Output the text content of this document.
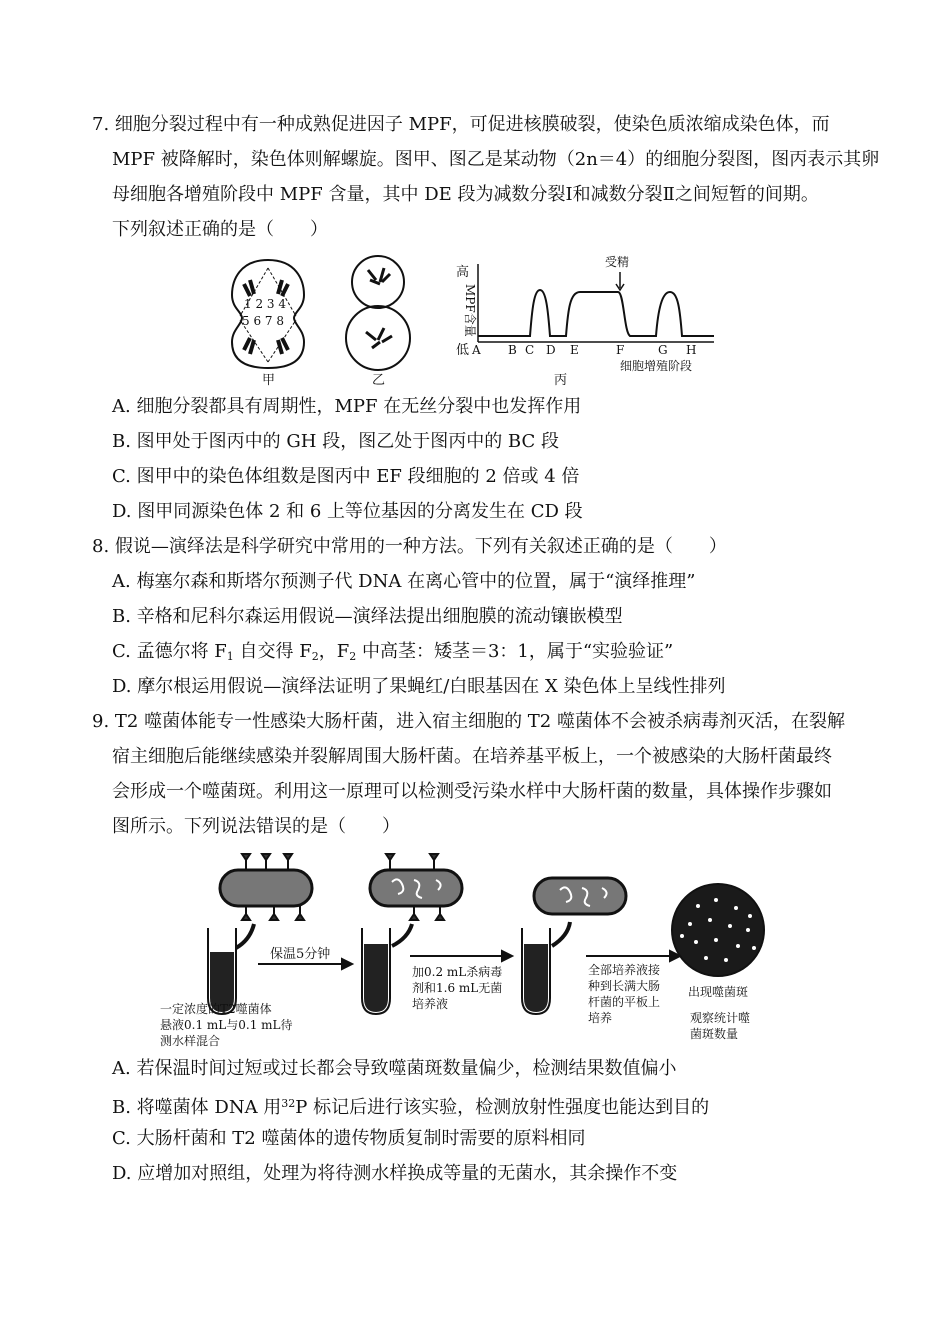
7. 细胞分裂过程中有一种成熟促进因子 MPF，可促进核膜破裂，使染色质浓缩成染色体，而
MPF 被降解时，染色体则解螺旋。图甲、图乙是某动物（2n＝4）的细胞分裂图，图丙表示其卵
母细胞各增殖阶段中 MPF 含量，其中 DE 段为减数分裂Ⅰ和减数分裂Ⅱ之间短暂的间期。
下列叙述正确的是（　　）
1 2 3 4
5 6 7 8
甲	乙
高
低
MPF含量
受精
A B C D E	F	G H
细胞增殖阶段
丙
A. 细胞分裂都具有周期性，MPF 在无丝分裂中也发挥作用
B. 图甲处于图丙中的 GH 段，图乙处于图丙中的 BC 段
C. 图甲中的染色体组数是图丙中 EF 段细胞的 2 倍或 4 倍
D. 图甲同源染色体 2 和 6 上等位基因的分离发生在 CD 段
8. 假说—演绎法是科学研究中常用的一种方法。下列有关叙述正确的是（　　）
A. 梅塞尔森和斯塔尔预测子代 DNA 在离心管中的位置，属于“演绎推理”
B. 辛格和尼科尔森运用假说—演绎法提出细胞膜的流动镶嵌模型
C. 孟德尔将 $F_1$ 自交得 $F_2$，$F_2$ 中高茎：矮茎＝3：1，属于“实验验证”
D. 摩尔根运用假说—演绎法证明了果蝇红/白眼基因在 X 染色体上呈线性排列
9. T2 噬菌体能专一性感染大肠杆菌，进入宿主细胞的 T2 噬菌体不会被杀病毒剂灭活，在裂解
宿主细胞后能继续感染并裂解周围大肠杆菌。在培养基平板上，一个被感染的大肠杆菌最终
会形成一个噬菌斑。利用这一原理可以检测受污染水样中大肠杆菌的数量，具体操作步骤如
图所示。下列说法错误的是（　　）
保温5分钟
一定浓度的T2噬菌体
悬液0.1 mL与0.1 mL待
测水样混合
加0.2 mL杀病毒
剂和1.6 mL无菌
培养液
全部培养液接
种到长满大肠
杆菌的平板上
培养
出现噬菌斑
观察统计噬
菌斑数量
A. 若保温时间过短或过长都会导致噬菌斑数量偏少，检测结果数值偏小
B. 将噬菌体 DNA 用$^{32}$P 标记后进行该实验，检测放射性强度也能达到目的
C. 大肠杆菌和 T2 噬菌体的遗传物质复制时需要的原料相同
D. 应增加对照组，处理为将待测水样换成等量的无菌水，其余操作不变
